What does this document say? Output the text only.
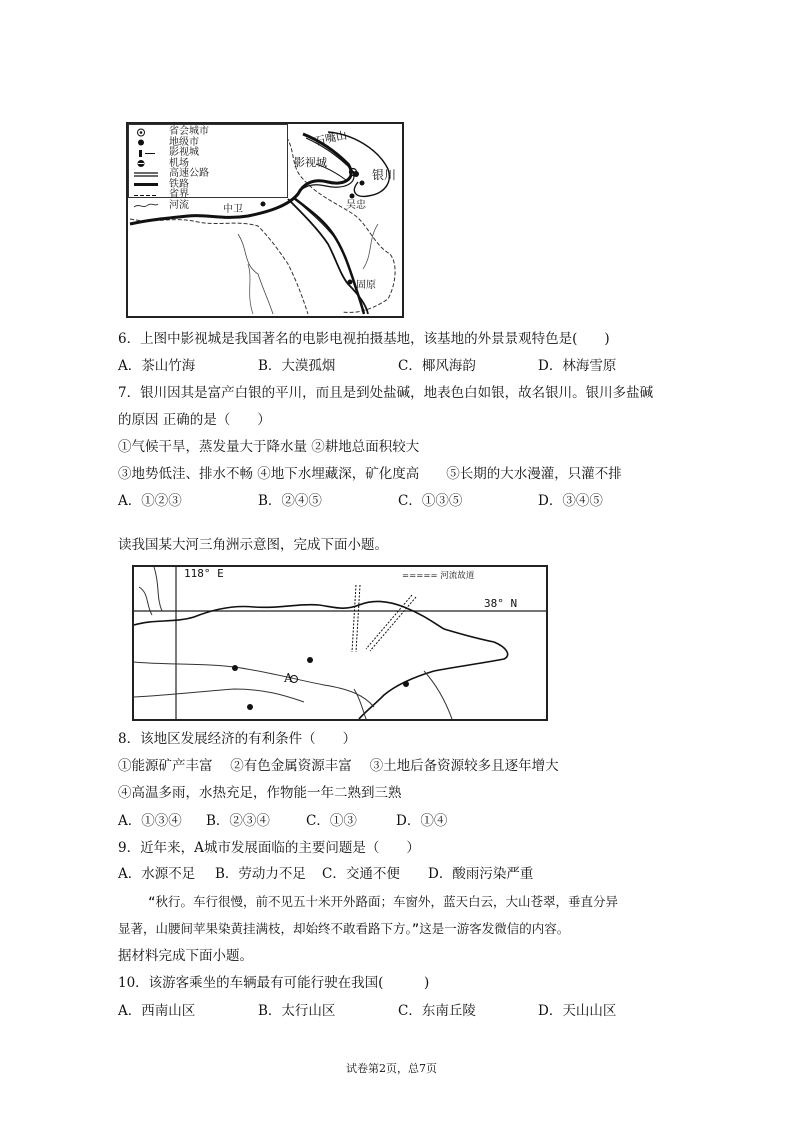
石嘴山
影视城
银川
吴忠
中卫
固原
省会城市
地级市
影视城
机场
高速公路
铁路
省界
河流
6．上图中影视城是我国著名的电影电视拍摄基地，该基地的外景景观特色是(　　)
A．茶山竹海	B．大漠孤烟	C．椰风海韵	D．林海雪原
7．银川因其是富产白银的平川，而且是到处盐碱，地表色白如银，故名银川。银川多盐碱
的原因 正确的是（　　）
①气候干旱，蒸发量大于降水量 ②耕地总面积较大
③地势低洼、排水不畅 ④地下水埋藏深，矿化度高　　⑤长期的大水漫灌，只灌不排
A．①②③	B．②④⑤	C．①③⑤	D．③④⑤
读我国某大河三角洲示意图，完成下面小题。
118° E	===== 河流故道
38° N
A
8．该地区发展经济的有利条件（　　）
①能源矿产丰富　 ②有色金属资源丰富　 ③土地后备资源较多且逐年增大
④高温多雨，水热充足，作物能一年二熟到三熟
A．①③④ B．②③④	C．①③	D．①④
9．近年来，A城市发展面临的主要问题是（　　）
A．水源不足 B．劳动力不足 C．交通不便 D．酸雨污染严重
“秋行。车行很慢，前不见五十米开外路面；车窗外，蓝天白云，大山苍翠，垂直分异
显著，山腰间苹果染黄挂满枝，却始终不敢看路下方。”这是一游客发微信的内容。
据材料完成下面小题。
10．该游客乘坐的车辆最有可能行驶在我国(　　　)
A．西南山区	B．太行山区	C．东南丘陵	D．天山山区
试卷第2页，总7页
